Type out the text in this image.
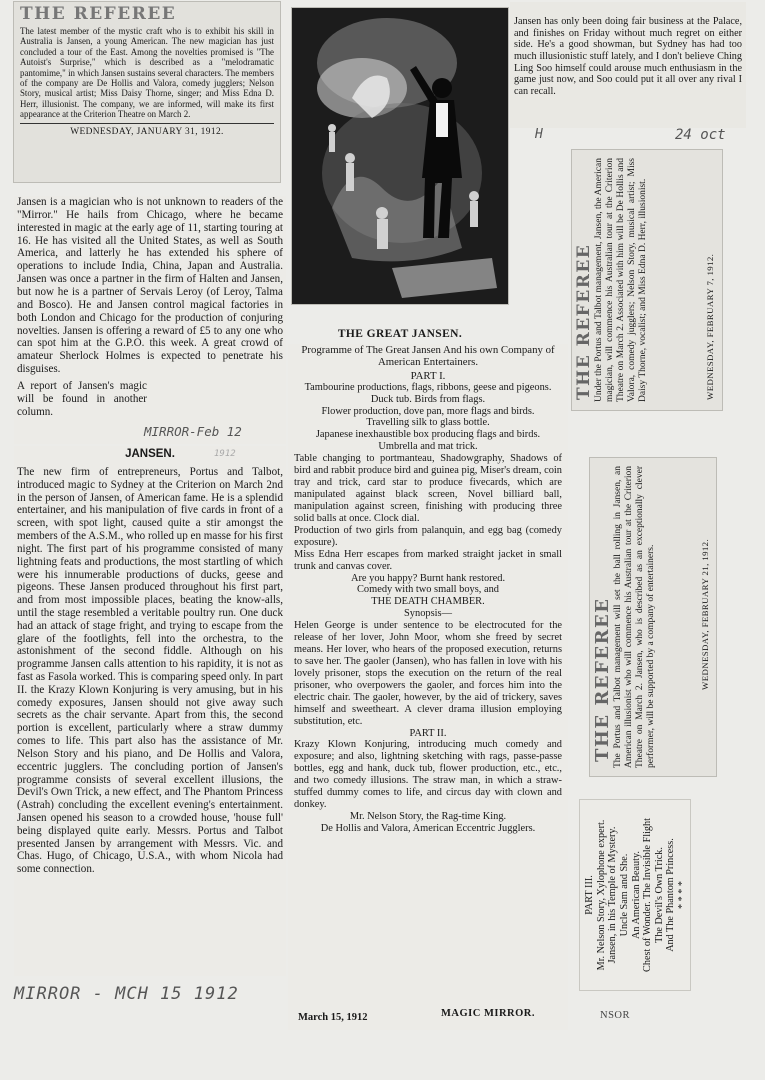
THE REFEREE

The latest member of the mystic craft who is to exhibit his skill in Australia is Jansen, a young American. The new magician has just concluded a tour of the East. Among the novelties promised is "The Autoist's Surprise," which is described as a "melodramatic pantomime," in which Jansen sustains several characters. The members of the company are De Hollis and Valora, comedy jugglers; Nelson Story, musical artist; Miss Daisy Thorne, singer; and Miss Edna D. Herr, illusionist. The company, we are informed, will make its first appearance at the Criterion Theatre on March 2.

WEDNESDAY, JANUARY 31, 1912.

Jansen has only been doing fair business at the Palace, and finishes on Friday without much regret on either side. He's a good showman, but Sydney has had too much illusionistic stuff lately, and I don't believe Ching Ling Soo himself could arouse much enthusiasm in the game just now, and Soo could put it all over any rival I can recall.

H	24 oct
THE GREAT JANSEN.

Jansen is a magician who is not unknown to readers of the "Mirror." He hails from Chicago, where he became interested in magic at the early age of 11, starting touring at 16. He has visited all the United States, as well as South America, and latterly he has extended his sphere of operations to include India, China, Japan and Australia. Jansen was once a partner in the firm of Halten and Jansen, but now he is a partner of Servais Leroy (of Leroy, Talma and Bosco). He and Jansen control magical factories in both London and Chicago for the production of conjuring novelties. Jansen is offering a reward of £5 to any one who can spot him at the G.P.O. this week. A great crowd of amateur Sherlock Holmes is expected to penetrate his disguises.

A report of Jansen's magic will be found in another column.

MIRROR-Feb 12
JANSEN.

The new firm of entrepreneurs, Portus and Talbot, introduced magic to Sydney at the Criterion on March 2nd in the person of Jansen, of American fame. He is a splendid entertainer, and his manipulation of five cards in front of a screen, with spot light, caused quite a stir amongst the members of the A.S.M., who rolled up en masse for his first night. The first part of his programme consisted of many lightning feats and productions, the most startling of which were his innumerable productions of ducks, geese and pigeons. These Jansen produced throughout his first part, and from most impossible places, beating the know-alls, until the stage resembled a veritable poultry run. One duck had an attack of stage fright, and trying to escape from the glare of the footlights, fell into the orchestra, to the astonishment of the second fiddle. Although on his programme Jansen calls attention to his rapidity, it is not as fast as Fasola worked. This is comparing speed only. In part II. the Krazy Klown Konjuring is very amusing, but in his comedy exposures, Jansen should not give away such secrets as the chair servante. Apart from this, the second portion is excellent, particularly where a straw dummy comes to life. This part also has the assistance of Mr. Nelson Story and his piano, and De Hollis and Valora, eccentric jugglers. The concluding portion of Jansen's programme consists of several excellent illusions, the Devil's Own Trick, a new effect, and The Phantom Princess (Astrah) concluding the excellent evening's entertainment. Jansen opened his season to a crowded house, 'house full' being displayed quite early. Messrs. Portus and Talbot presented Jansen by arrangement with Messrs. Vic. and Chas. Hugo, of Chicago, U.S.A., with whom Nicola had some connection.

1912
MIRROR - MCH 15 1912

Programme of The Great Jansen And his own Company of American Entertainers.

PART I.

Tambourine productions, flags, ribbons, geese and pigeons.

Duck tub. Birds from flags.

Flower production, dove pan, more flags and birds.

Travelling silk to glass bottle.

Japanese inexhaustible box producing flags and birds.

Umbrella and mat trick.

Table changing to portmanteau, Shadowgraphy, Shadows of bird and rabbit produce bird and guinea pig, Miser's dream, coin tray and trick, card star to produce fivecards, which are manipulated against black screen, Novel billiard ball, manipulation against screen, finishing with producing three solid balls at once. Clock dial.

Production of two girls from palanquin, and egg bag (comedy exposure).

Miss Edna Herr escapes from marked straight jacket in small trunk and canvas cover.

Are you happy? Burnt hank restored.

Comedy with two small boys, and

THE DEATH CHAMBER.

Synopsis—

Helen George is under sentence to be electrocuted for the release of her lover, John Moor, whom she freed by secret means. Her lover, who hears of the proposed execution, returns to save her. The gaoler (Jansen), who has fallen in love with his lovely prisoner, stops the execution on the return of the real prisoner, who overpowers the gaoler, and forces him into the electric chair. The gaoler, however, by the aid of trickery, saves himself and sweetheart. A clever drama illusion employing substitution, etc.

PART II.

Krazy Klown Konjuring, introducing much comedy and exposure; and also, lightning sketching with rags, passe-passe bottles, egg and hank, duck tub, flower production, etc., etc., and two comedy illusions. The straw man, in which a straw-stuffed dummy comes to life, and circus day with clown and donkey.

Mr. Nelson Story, the Rag-time King.

De Hollis and Valora, American Eccentric Jugglers.

March 15, 1912	MAGIC MIRROR.	NSOR

PART III. Mr. Nelson Story, Xylophone expert. Jansen, in his Temple of Mystery. Uncle Sam and She. An American Beauty. Chest of Wonder. The Invisible Flight The Devil's Own Trick. And The Phantom Princess. * * * *

THE REFEREE Under the Portus and Talbot management, Jansen, the American magician, will commence his Australian tour at the Criterion Theatre on March 2. Associated with him will be De Hollis and Valora, comedy jugglers; Nelson Story, musical artist; Miss Daisy Thorne, vocalist; and Miss Edna D. Herr, illusionist.	WEDNESDAY, FEBRUARY 7, 1912.
THE REFEREE The Portus and Talbot management will set the ball rolling in Jansen, an American illusionist who will commence his Australian tour at the Criterion Theatre on March 2. Jansen, who is described as an exceptionally clever performer, will be supported by a company of entertainers.	WEDNESDAY, FEBRUARY 21, 1912.
